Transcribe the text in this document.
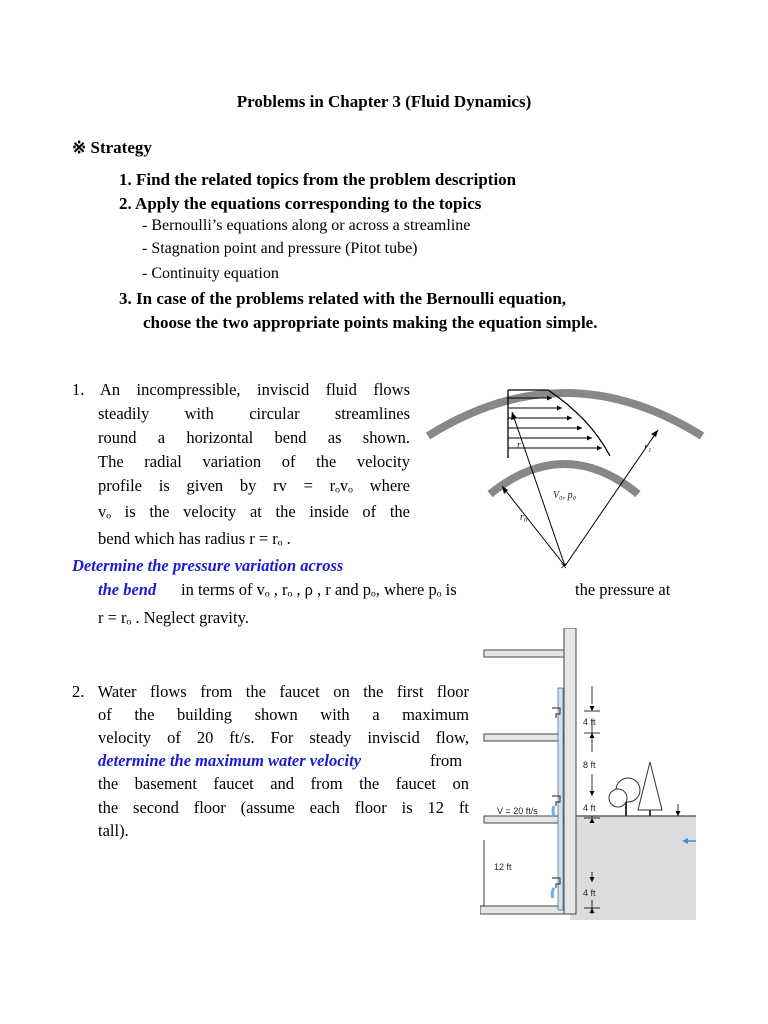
Problems in Chapter 3 (Fluid Dynamics)
※ Strategy
1. Find the related topics from the problem description
2. Apply the equations corresponding to the topics
- Bernoulli’s equations along or across a streamline
- Stagnation point and pressure (Pitot tube)
- Continuity equation
3. In case of the problems related with the Bernoulli equation,
choose the two appropriate points making the equation simple.
1. An incompressible, inviscid fluid flows
steadily with circular streamlines
round a horizontal bend as shown.
The radial variation of the velocity
profile is given by rv = rₒvₒ where
vₒ is the velocity at the inside of the
bend which has radius r = rₒ .
Determine the pressure variation across
the bend in terms of vₒ , rₒ , ρ , r and pₒ, where pₒ is	the pressure at
r = rₒ . Neglect gravity.
×
r	r₁
r₀
V₀, p₀
2. Water flows from the faucet on the first floor
of the building shown with a maximum
velocity of 20 ft/s. For steady inviscid flow,
determine the maximum water velocity	from
the basement faucet and from the faucet on
the second floor (assume each floor is 12 ft
tall).
4 ft
8 ft
4 ft
V = 20 ft/s
12 ft
4 ft
